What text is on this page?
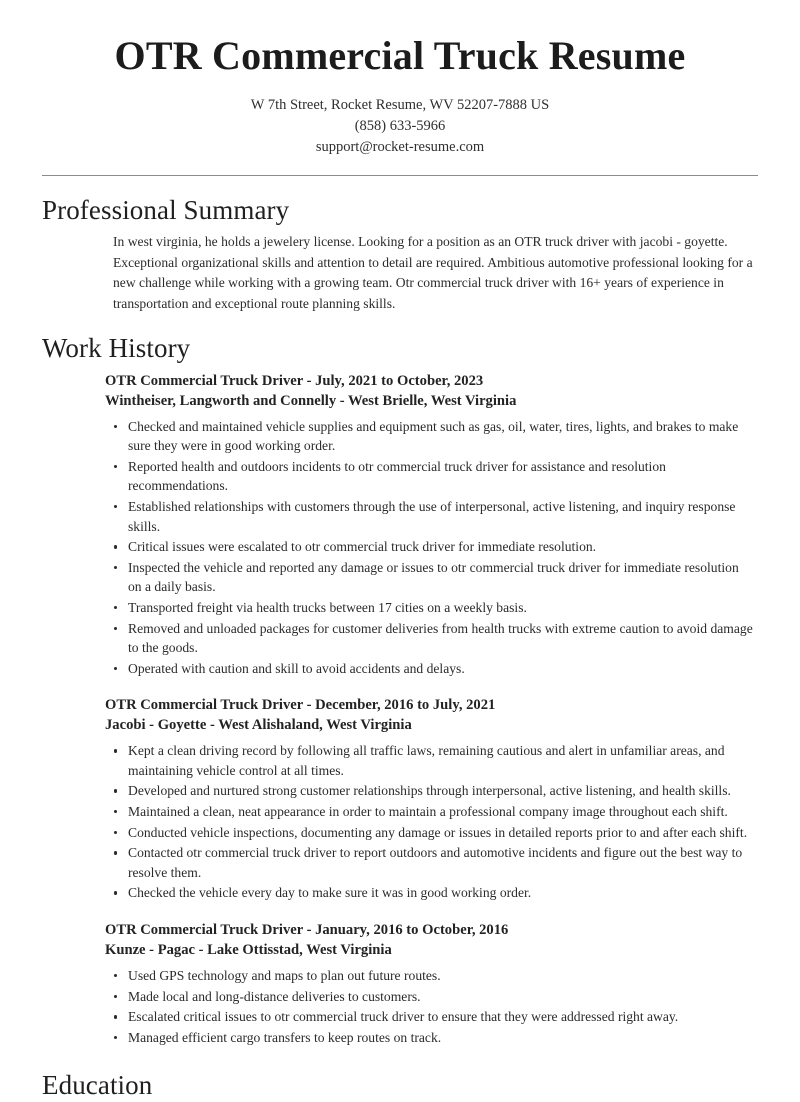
OTR Commercial Truck Resume
W 7th Street, Rocket Resume, WV 52207-7888 US
(858) 633-5966
support@rocket-resume.com
Professional Summary

In west virginia, he holds a jewelery license. Looking for a position as an OTR truck driver with jacobi - goyette. Exceptional organizational skills and attention to detail are required. Ambitious automotive professional looking for a new challenge while working with a growing team. Otr commercial truck driver with 16+ years of experience in transportation and exceptional route planning skills.

Work History
OTR Commercial Truck Driver - July, 2021 to October, 2023
Wintheiser, Langworth and Connelly - West Brielle, West Virginia
Checked and maintained vehicle supplies and equipment such as gas, oil, water, tires, lights, and brakes to make sure they were in good working order.
Reported health and outdoors incidents to otr commercial truck driver for assistance and resolution recommendations.
Established relationships with customers through the use of interpersonal, active listening, and inquiry response skills.
Critical issues were escalated to otr commercial truck driver for immediate resolution.
Inspected the vehicle and reported any damage or issues to otr commercial truck driver for immediate resolution on a daily basis.
Transported freight via health trucks between 17 cities on a weekly basis.
Removed and unloaded packages for customer deliveries from health trucks with extreme caution to avoid damage to the goods.
Operated with caution and skill to avoid accidents and delays.
OTR Commercial Truck Driver - December, 2016 to July, 2021
Jacobi - Goyette - West Alishaland, West Virginia
Kept a clean driving record by following all traffic laws, remaining cautious and alert in unfamiliar areas, and maintaining vehicle control at all times.
Developed and nurtured strong customer relationships through interpersonal, active listening, and health skills.
Maintained a clean, neat appearance in order to maintain a professional company image throughout each shift.
Conducted vehicle inspections, documenting any damage or issues in detailed reports prior to and after each shift.
Contacted otr commercial truck driver to report outdoors and automotive incidents and figure out the best way to resolve them.
Checked the vehicle every day to make sure it was in good working order.
OTR Commercial Truck Driver - January, 2016 to October, 2016
Kunze - Pagac - Lake Ottisstad, West Virginia
Used GPS technology and maps to plan out future routes.
Made local and long-distance deliveries to customers.
Escalated critical issues to otr commercial truck driver to ensure that they were addressed right away.
Managed efficient cargo transfers to keep routes on track.
Education
